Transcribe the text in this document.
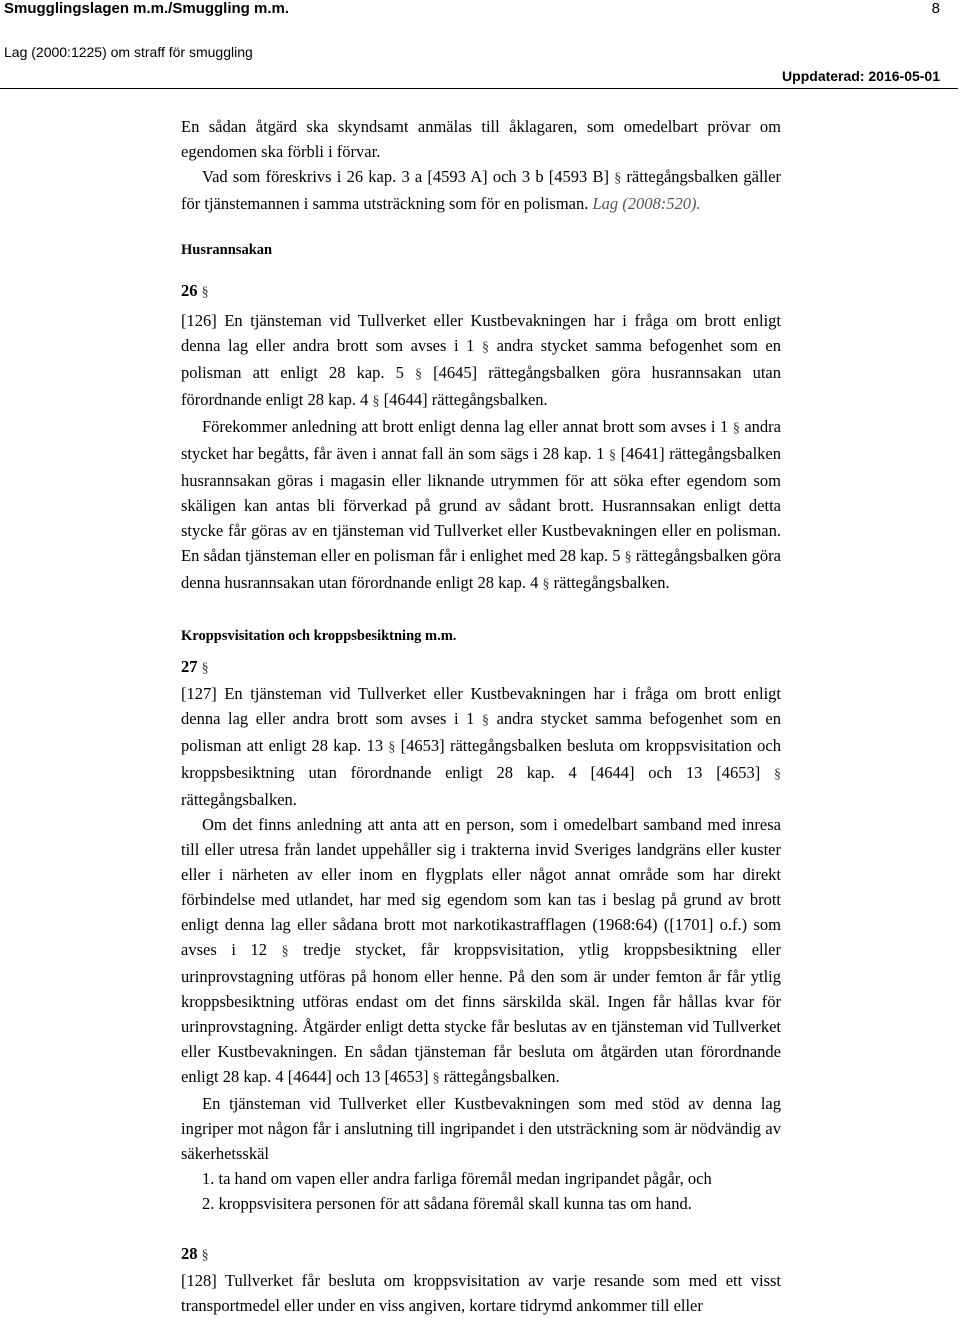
Smugglingslagen m.m./Smuggling m.m.	8
Lag (2000:1225) om straff för smuggling
Uppdaterad: 2016-05-01

En sådan åtgärd ska skyndsamt anmälas till åklagaren, som omedelbart prövar om egendomen ska förbli i förvar.

Vad som föreskrivs i 26 kap. 3 a [4593 A] och 3 b [4593 B] § rättegångsbalken gäller för tjänstemannen i samma utsträckning som för en polisman. Lag (2008:520).

Husrannsakan

26 §

[126] En tjänsteman vid Tullverket eller Kustbevakningen har i fråga om brott enligt denna lag eller andra brott som avses i 1 § andra stycket samma befogenhet som en polisman att enligt 28 kap. 5 § [4645] rättegångsbalken göra husrannsakan utan förordnande enligt 28 kap. 4 § [4644] rättegångsbalken.

Förekommer anledning att brott enligt denna lag eller annat brott som avses i 1 § andra stycket har begåtts, får även i annat fall än som sägs i 28 kap. 1 § [4641] rättegångsbalken husrannsakan göras i magasin eller liknande utrymmen för att söka efter egendom som skäligen kan antas bli förverkad på grund av sådant brott. Husrannsakan enligt detta stycke får göras av en tjänsteman vid Tullverket eller Kustbevakningen eller en polisman. En sådan tjänsteman eller en polisman får i enlighet med 28 kap. 5 § rättegångsbalken göra denna husrannsakan utan förordnande enligt 28 kap. 4 § rättegångsbalken.

Kroppsvisitation och kroppsbesiktning m.m.

27 §

[127] En tjänsteman vid Tullverket eller Kustbevakningen har i fråga om brott enligt denna lag eller andra brott som avses i 1 § andra stycket samma befogenhet som en polisman att enligt 28 kap. 13 § [4653] rättegångsbalken besluta om kroppsvisitation och kroppsbesiktning utan förordnande enligt 28 kap. 4 [4644] och 13 [4653] § rättegångsbalken.

Om det finns anledning att anta att en person, som i omedelbart samband med inresa till eller utresa från landet uppehåller sig i trakterna invid Sveriges landgräns eller kuster eller i närheten av eller inom en flygplats eller något annat område som har direkt förbindelse med utlandet, har med sig egendom som kan tas i beslag på grund av brott enligt denna lag eller sådana brott mot narkotikastrafflagen (1968:64) ([1701] o.f.) som avses i 12 § tredje stycket, får kroppsvisitation, ytlig kroppsbesiktning eller urinprovstagning utföras på honom eller henne. På den som är under femton år får ytlig kroppsbesiktning utföras endast om det finns särskilda skäl. Ingen får hållas kvar för urinprovstagning. Åtgärder enligt detta stycke får beslutas av en tjänsteman vid Tullverket eller Kustbevakningen. En sådan tjänsteman får besluta om åtgärden utan förordnande enligt 28 kap. 4 [4644] och 13 [4653] § rättegångsbalken.

En tjänsteman vid Tullverket eller Kustbevakningen som med stöd av denna lag ingriper mot någon får i anslutning till ingripandet i den utsträckning som är nödvändig av säkerhetsskäl

1. ta hand om vapen eller andra farliga föremål medan ingripandet pågår, och
2. kroppsvisitera personen för att sådana föremål skall kunna tas om hand.

28 §

[128] Tullverket får besluta om kroppsvisitation av varje resande som med ett visst transportmedel eller under en viss angiven, kortare tidrymd ankommer till eller
